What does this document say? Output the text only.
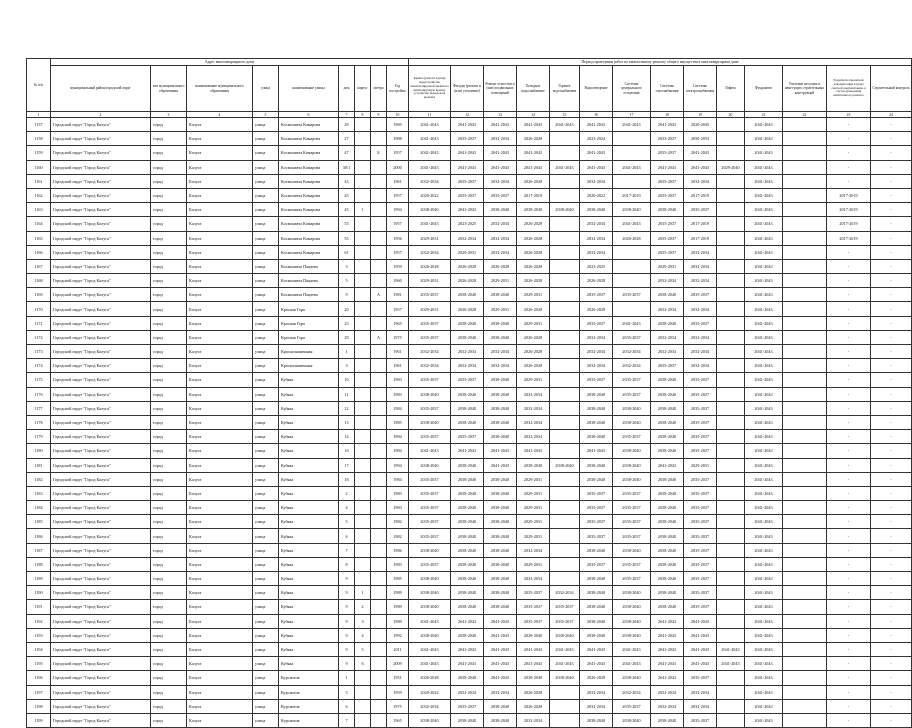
№ п/п	Адрес многоквартирного дома									Период проведения работ по капитальному ремонту общего имущества в многоквартирном доме													
	муниципальный район/городской округ	тип муниципального образования	наименование муниципального образования	улица	наименование улицы	дом	корпус	литера	Год постройки	Крыша (ремонт и (или) переустройство невентилируемой крыши на вентилируемую крышу, устройство выходов на кровлю)	Фасады (ремонт и (или) утепление)	Ремонт отмостки и (или) подвальных помещений	Холодное водоснабжение	Горячее водоснабжение	Водоотведение	Системы центрального отопления	Системы газоснабжения	Системы электроснабжения	Лифты	Фундамент	Усиление несущих и ненесущих строительных конструкций	Разработка проектной документации и (или) сметной документации, в случае проведения капитального ремонта	Строительный контроль
1	2	3	4	5	6	7	8	9	10	11	12	13	14	15	16	17	18	19	20	21	22	23	24
1157	Городской округ "Город Калуга"	город	Калуга	улица	Космонавта Комарова	26			1985	2041-2043	2041-2043	2041-2043	2041-2043	2041-2043	2041-2043	2041-2043	2041-2043	2020-2045		2041-2043		-	-
1158	Городской округ "Город Калуга"	город	Калуга	улица	Космонавта Комарова	27			1988	2041-2043	2035-2037	2032-2034	2026-2028		2023-2024		2033-2037	2050-2053		2041-2043		-	-
1159	Городской округ "Город Калуга"	город	Калуга	улица	Космонавта Комарова	47		Б	1957	2041-2043	2041-2043	2041-2043	2041-2043		2041-2043		2035-2037	2041-2043		2041-2043		-	-
1160	Городской округ "Город Калуга"	город	Калуга	улица	Космонавта Комарова	30/1			2000	2041-2043	2041-2043	2041-2043	2041-2043	2041-2043	2041-2043	2041-2043	2041-2043	2041-2043	2029-2040	2041-2043		-	-
1161	Городской округ "Город Калуга"	город	Калуга	улица	Космонавта Комарова	43			1961	2032-2034	2035-2037	2032-2034	2026-2028		2032-2034		2035-2037	2032-2034		2041-2043		-	-
1162	Городской округ "Город Калуга"	город	Калуга	улица	Космонавта Комарова	45			1957	2020-2022	2035-2037	2035-2037	2017-2019		2020-2022	2017-2019	2035-2037	2017-2019		2041-2043		2017-2019	-
1163	Городской округ "Город Калуга"	город	Калуга	улица	Космонавта Комарова	45	1		1994	2038-2040	2041-2043	2038-2040	2038-2040	2038-2040	2038-2040	2038-2040	2038-2040	2035-2037		2041-2043		2017-2019	-
1164	Городской округ "Город Калуга"	город	Калуга	улица	Космонавта Комарова	53			1957	2041-2043	2023-2025	2032-2034	2026-2028		2032-2034	2041-2043	2035-2037	2017-2019		2041-2043		2017-2019	-
1165	Городской округ "Город Калуга"	город	Калуга	улица	Космонавта Комарова	55			1956	2029-2031	2032-2034	2032-2034	2026-2028		2032-2034	2026-2028	2035-2037	2017-2019		2041-2043		2017-2019	-
1166	Городской округ "Город Калуга"	город	Калуга	улица	Космонавта Комарова	61			1957	2032-2034	2029-2031	2032-2034	2026-2028		2032-2034		2035-2037	2032-2034		2041-2043		-	-
1167	Городской округ "Город Калуга"	город	Калуга	улица	Космонавта Пацаева	3			1959	2026-2028	2026-2028	2026-2028	2026-2028		2023-2025		2029-2031	2032-2034		2041-2043		-	-
1168	Городской округ "Город Калуга"	город	Калуга	улица	Космонавта Пацаева	5			1960	2029-2031	2026-2028	2029-2031	2026-2028		2026-2028		2032-2034	2032-2034		2041-2043		-	-
1169	Городской округ "Город Калуга"	город	Калуга	улица	Космонавта Пацаева	9		А	1981	2035-2037	2038-2040	2038-2040	2029-2031		2035-2037	2035-2037	2038-2040	2035-2037		2041-2043		-	-
1170	Городской округ "Город Калуга"	город	Калуга	улица	Красная Гора	20			1957	2029-2031	2026-2028	2029-2031	2026-2028		2026-2028		2032-2034	2032-2034		2041-2043		-	-
1171	Городской округ "Город Калуга"	город	Калуга	улица	Красная Гора	23			1965	2035-2037	2038-2040	2038-2040	2029-2031		2035-2037	2041-2043	2038-2040	2035-2037		2041-2043		-	-
1172	Городской округ "Город Калуга"	город	Калуга	улица	Красная Гора	29		А	1975	2035-2037	2038-2040	2038-2040	2026-2028		2032-2034	2035-2037	2032-2034	2032-2034		2041-2043		-	-
1173	Городской округ "Город Калуга"	город	Калуга	улица	Краснознаменная	1			1961	2032-2034	2032-2034	2032-2034	2026-2028		2032-2034	2032-2034	2032-2034	2032-2034		2041-2043		-	-
1174	Городской округ "Город Калуга"	город	Калуга	улица	Краснознаменная	3			1961	2032-2034	2032-2034	2032-2034	2026-2028		2032-2034	2032-2034	2035-2037	2032-2034		2041-2043		-	-
1175	Городской округ "Город Калуга"	город	Калуга	улица	Кубяка	10			1983	2035-2037	2035-2037	2038-2040	2029-2031		2035-2037	2035-2037	2038-2040	2035-2037		2041-2043		-	-
1176	Городской округ "Город Калуга"	город	Калуга	улица	Кубяка	11			1983	2038-2040	2038-2040	2038-2040	2032-2034		2038-2040	2035-2037	2038-2040	2035-2037		2041-2043		-	-
1177	Городской округ "Город Калуга"	город	Калуга	улица	Кубяка	12			1984	2035-2037	2038-2040	2038-2040	2032-2034		2038-2040	2038-2040	2038-2040	2035-2037		2041-2043		-	-
1178	Городской округ "Город Калуга"	город	Калуга	улица	Кубяка	13			1985	2038-2040	2038-2040	2038-2040	2032-2034		2038-2040	2038-2040	2038-2040	2035-2037		2041-2043		-	-
1179	Городской округ "Город Калуга"	город	Калуга	улица	Кубяка	14			1984	2035-2037	2035-2037	2038-2040	2032-2034		2038-2040	2035-2037	2038-2040	2035-2037		2041-2043		-	-
1180	Городской округ "Город Калуга"	город	Калуга	улица	Кубяка	16			1984	2041-2043	2041-2043	2041-2043	2041-2043		2041-2043	2038-2040	2038-2040	2035-2037		2041-2043		-	-
1181	Городской округ "Город Калуга"	город	Калуга	улица	Кубяка	17			1994	2038-2040	2038-2040	2041-2043	2038-2040	2038-2040	2038-2040	2038-2040	2041-2043	2029-2031		2041-2043		-	-
1182	Городской округ "Город Калуга"	город	Калуга	улица	Кубяка	18			1984	2035-2037	2038-2040	2038-2040	2029-2031		2038-2040	2038-2040	2038-2040	2035-2037		2041-2043		-	-
1183	Городской округ "Город Калуга"	город	Калуга	улица	Кубяка	2			1983	2035-2037	2038-2040	2038-2040	2029-2031		2035-2037	2035-2037	2038-2040	2035-2037		2041-2043		-	-
1184	Городской округ "Город Калуга"	город	Калуга	улица	Кубяка	4			1983	2035-2037	2038-2040	2038-2040	2029-2031		2035-2037	2035-2037	2038-2040	2035-2037		2041-2043		-	-
1185	Городской округ "Город Калуга"	город	Калуга	улица	Кубяка	5			1982	2035-2037	2038-2040	2038-2040	2029-2031		2035-2037	2035-2037	2038-2040	2035-2037		2041-2043		-	-
1186	Городской округ "Город Калуга"	город	Калуга	улица	Кубяка	6			1982	2035-2037	2038-2040	2038-2040	2029-2031		2035-2037	2035-2037	2038-2040	2035-2037		2041-2043		-	-
1187	Городской округ "Город Калуга"	город	Калуга	улица	Кубяка	7			1986	2038-2040	2038-2040	2038-2040	2032-2034		2038-2040	2038-2040	2038-2040	2035-2037		2041-2043		-	-
1188	Городской округ "Город Калуга"	город	Калуга	улица	Кубяка	8			1983	2035-2037	2038-2040	2038-2040	2029-2031		2035-2037	2035-2037	2038-2040	2035-2037		2041-2043		-	-
1189	Городской округ "Город Калуга"	город	Калуга	улица	Кубяка	9			1985	2038-2040	2038-2040	2038-2040	2032-2034		2038-2040	2035-2037	2038-2040	2035-2037		2041-2043		-	-
1190	Городской округ "Город Калуга"	город	Калуга	улица	Кубяка	9	1		1989	2038-2040	2038-2040	2038-2040	2035-2037	2032-2034	2038-2040	2038-2040	2038-2040	2035-2037		2041-2043		-	-
1191	Городской округ "Город Калуга"	город	Калуга	улица	Кубяка	9	2		1989	2038-2040	2038-2040	2038-2040	2035-2037	2035-2037	2038-2040	2038-2040	2038-2040	2035-2037		2041-2043		-	-
1192	Городской округ "Город Калуга"	город	Калуга	улица	Кубяка	9	3		1989	2041-2043	2041-2043	2041-2043	2035-2037	2035-2037	2038-2040	2038-2040	2041-2043	2041-2043		2041-2043		-	-
1193	Городской округ "Город Калуга"	город	Калуга	улица	Кубяка	9	4		1992	2038-2040	2038-2040	2041-2043	2038-2040	2038-2040	2038-2040	2038-2040	2041-2043	2041-2043		2041-2043		-	-
1194	Городской округ "Город Калуга"	город	Калуга	улица	Кубяка	9	5		2011	2041-2043	2041-2043	2041-2043	2041-2043	2041-2043	2041-2043	2041-2043	2041-2043	2041-2043	2041-2043	2041-2043		-	-
1195	Городской округ "Город Калуга"	город	Калуга	улица	Кубяка	9	6		2009	2041-2043	2041-2043	2041-2043	2041-2043	2041-2043	2041-2043	2041-2043	2041-2043	2041-2043	2041-2043	2041-2043		-	-
1196	Городской округ "Город Калуга"	город	Калуга	улица	Курсантов	1			1951	2026-2028	2038-2040	2041-2043	2038-2040	2038-2040	2026-2028	2038-2040	2041-2043	2035-2037		2041-2043		-	-
1197	Городской округ "Город Калуга"	город	Калуга	улица	Курсантов	3			1959	2020-2022	2032-2034	2032-2034	2026-2028		2032-2034	2032-2034	2032-2034	2032-2034		2041-2043		-	-
1198	Городской округ "Город Калуга"	город	Калуга	улица	Курсантов	6			1975	2032-2034	2035-2037	2038-2040	2026-2028		2032-2034	2035-2037	2032-2034	2032-2034		2041-2043		-	-
1199	Городской округ "Город Калуга"	город	Калуга	улица	Курсантов	7			1965	2038-2040	2038-2040	2038-2040	2032-2034		2038-2040	2038-2040	2038-2040	2035-2037		2041-2043		-	-
